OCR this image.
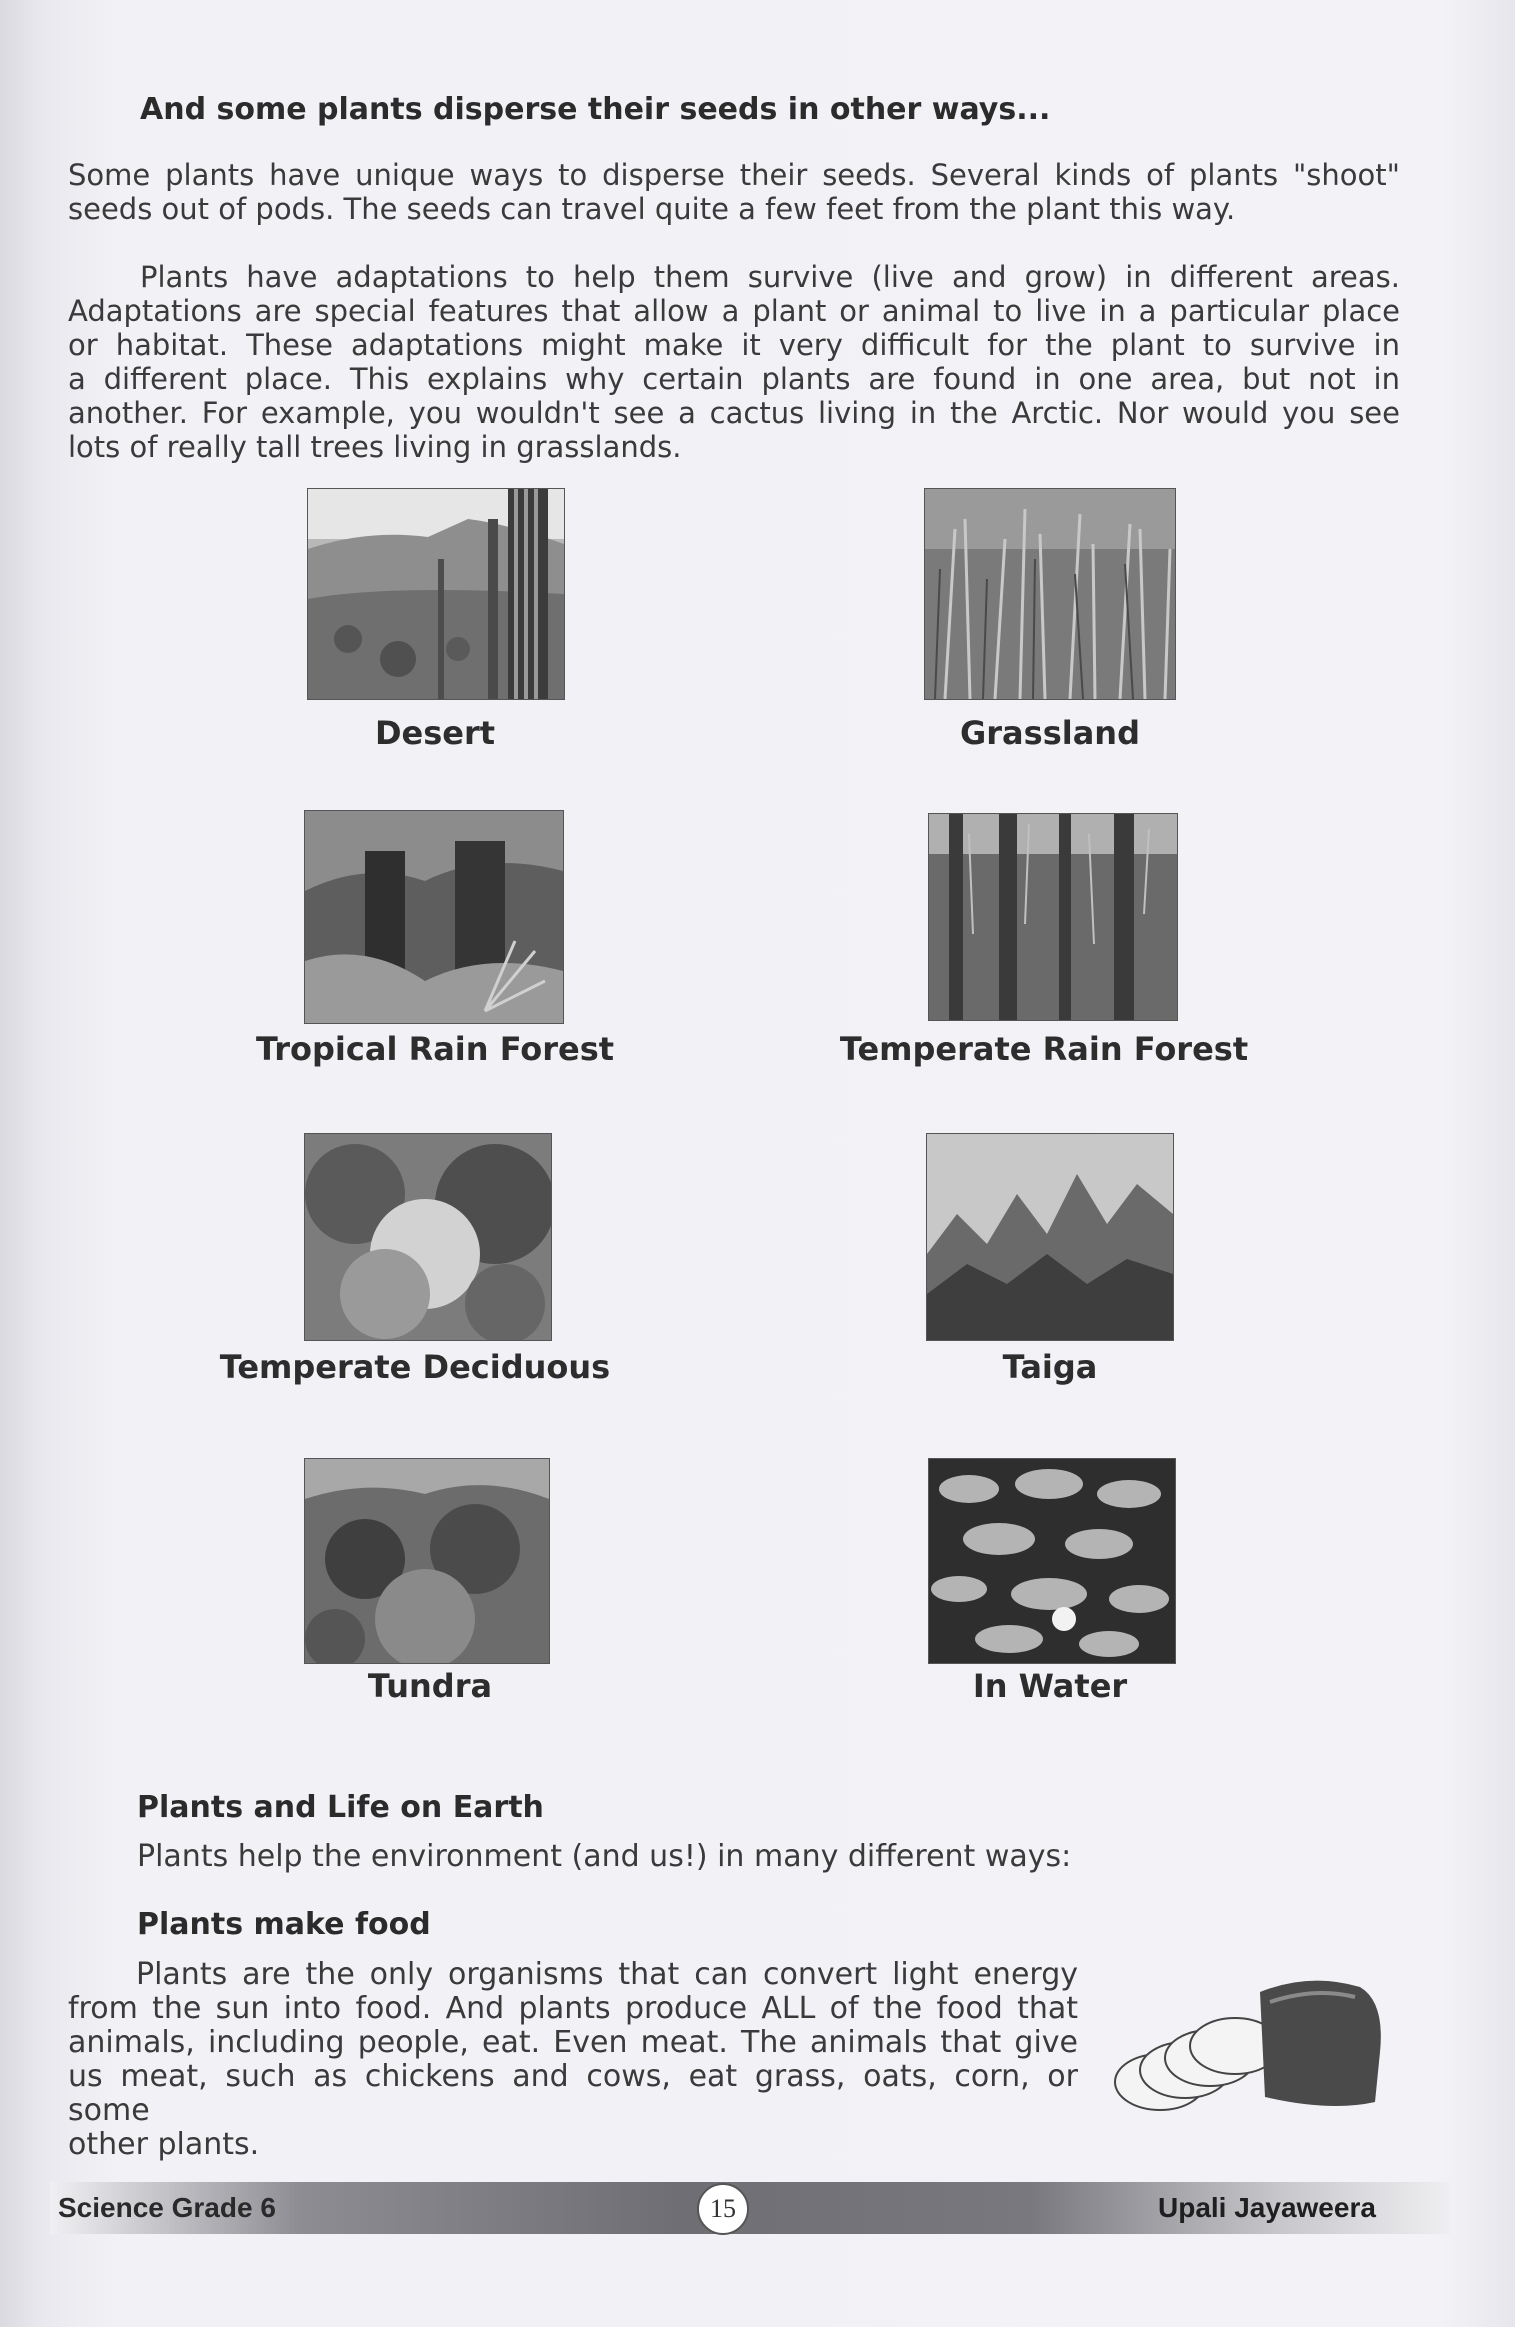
And some plants disperse their seeds in other ways...
Some plants have unique ways to disperse their seeds. Several kinds of plants "shoot"
seeds out of pods. The seeds can travel quite a few feet from the plant this way.
Plants have adaptations to help them survive (live and grow) in different areas.
Adaptations are special features that allow a plant or animal to live in a particular place
or habitat. These adaptations might make it very difficult for the plant to survive in
a different place. This explains why certain plants are found in one area, but not in
another. For example, you wouldn't see a cactus living in the Arctic. Nor would you see
lots of really tall trees living in grasslands.
Desert	Grassland
Tropical Rain Forest	Temperate Rain Forest
Temperate Deciduous	Taiga
Tundra	In Water
Plants and Life on Earth
Plants help the environment (and us!) in many different ways:
Plants make food
Plants are the only organisms that can convert light energy
from the sun into food. And plants produce ALL of the food that
animals, including people, eat. Even meat. The animals that give
us meat, such as chickens and cows, eat grass, oats, corn, or some
other plants.
Science Grade 6	15	Upali Jayaweera
